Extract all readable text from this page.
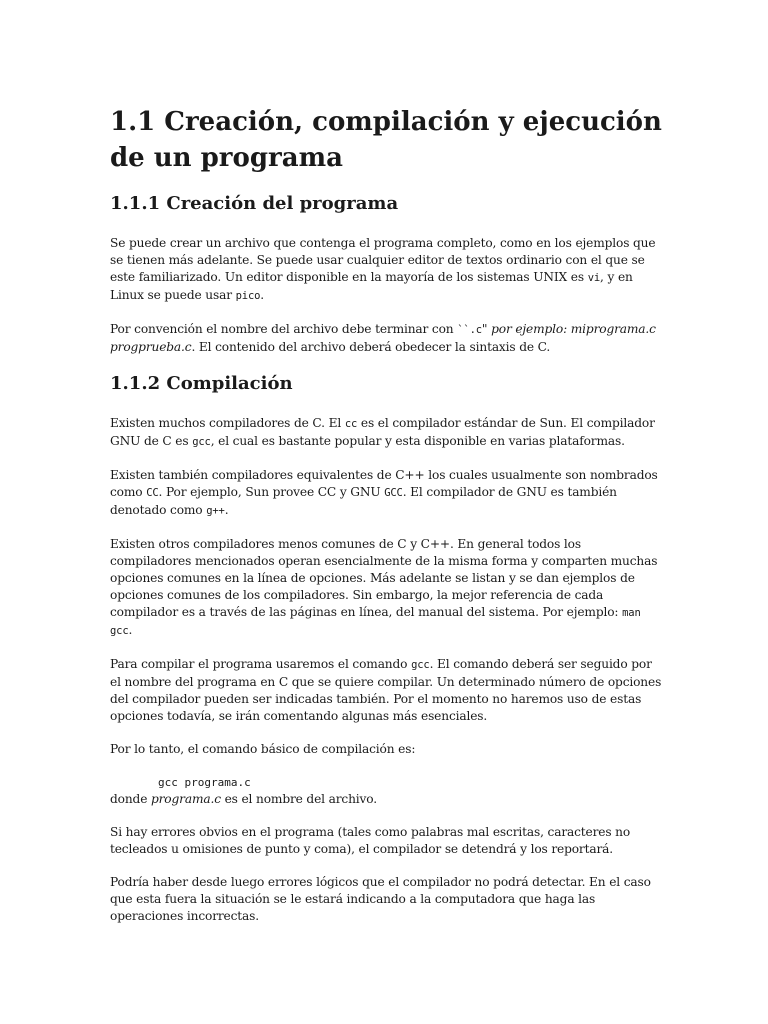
1.1 Creación, compilación y ejecución de un programa
1.1.1 Creación del programa

Se puede crear un archivo que contenga el programa completo, como en los ejemplos que se tienen más adelante. Se puede usar cualquier editor de textos ordinario con el que se este familiarizado. Un editor disponible en la mayoría de los sistemas UNIX es vi, y en Linux se puede usar pico.

Por convención el nombre del archivo debe terminar con ``.c" por ejemplo: miprograma.c progprueba.c. El contenido del archivo deberá obedecer la sintaxis de C.

1.1.2 Compilación

Existen muchos compiladores de C. El cc es el compilador estándar de Sun. El compilador GNU de C es gcc, el cual es bastante popular y esta disponible en varias plataformas.

Existen también compiladores equivalentes de C++ los cuales usualmente son nombrados como CC. Por ejemplo, Sun provee CC y GNU GCC. El compilador de GNU es también denotado como g++.

Existen otros compiladores menos comunes de C y C++. En general todos los compiladores mencionados operan esencialmente de la misma forma y comparten muchas opciones comunes en la línea de opciones. Más adelante se listan y se dan ejemplos de opciones comunes de los compiladores. Sin embargo, la mejor referencia de cada compilador es a través de las páginas en línea, del manual del sistema. Por ejemplo: man gcc.

Para compilar el programa usaremos el comando gcc. El comando deberá ser seguido por el nombre del programa en C que se quiere compilar. Un determinado número de opciones del compilador pueden ser indicadas también. Por el momento no haremos uso de estas opciones todavía, se irán comentando algunas más esenciales.

Por lo tanto, el comando básico de compilación es:

gcc programa.c

donde programa.c es el nombre del archivo.

Si hay errores obvios en el programa (tales como palabras mal escritas, caracteres no tecleados u omisiones de punto y coma), el compilador se detendrá y los reportará.

Podría haber desde luego errores lógicos que el compilador no podrá detectar. En el caso que esta fuera la situación se le estará indicando a la computadora que haga las operaciones incorrectas.
